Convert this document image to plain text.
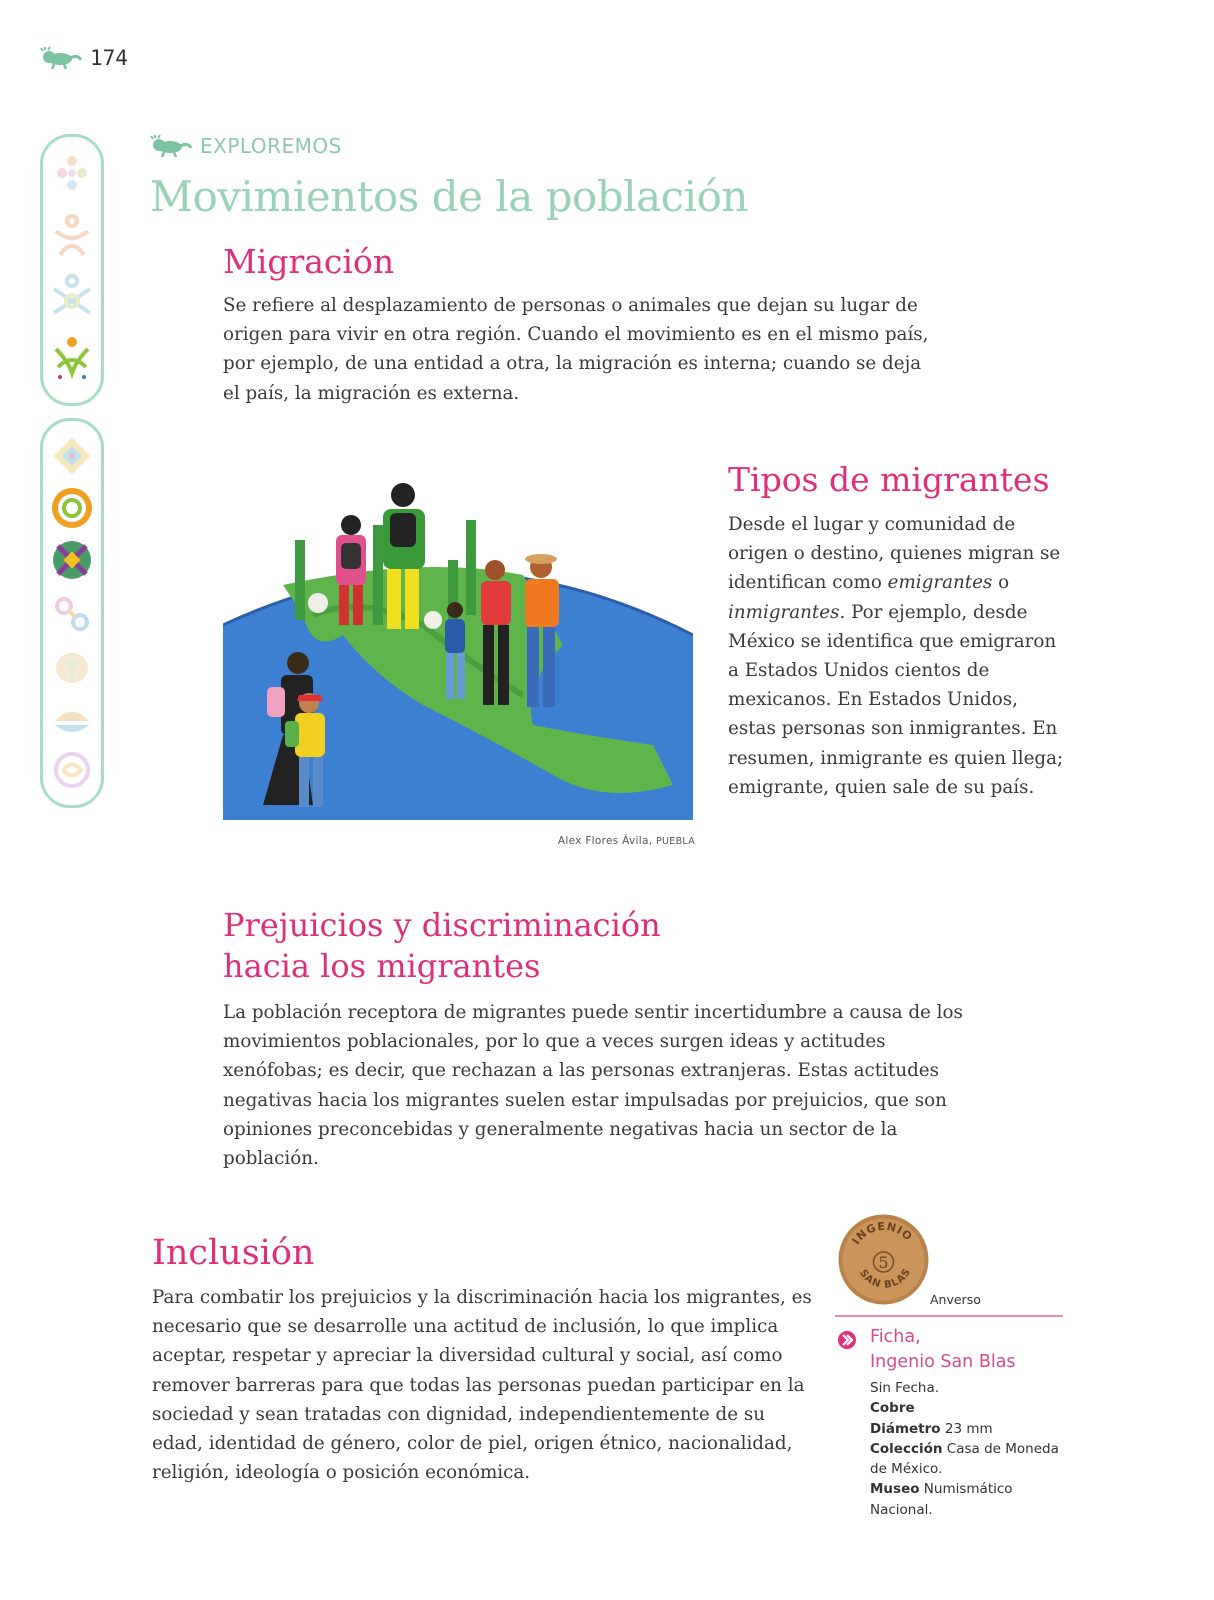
174
EXPLOREMOS
Movimientos de la población
Migración

Se refiere al desplazamiento de personas o animales que dejan su lugar de origen para vivir en otra región. Cuando el movimiento es en el mismo país, por ejemplo, de una entidad a otra, la migración es interna; cuando se deja el país, la migración es externa.

Alex Flores Ávila, PUEBLA
Tipos de migrantes

Desde el lugar y comunidad de origen o destino, quienes migran se identifican como emigrantes o inmigrantes. Por ejemplo, desde México se identifica que emigraron a Estados Unidos cientos de mexicanos. En Estados Unidos, estas personas son inmigrantes. En resumen, inmigrante es quien llega; emigrante, quien sale de su país.

Prejuicios y discriminación
hacia los migrantes

La población receptora de migrantes puede sentir incertidumbre a causa de los movimientos poblacionales, por lo que a veces surgen ideas y actitudes xenófobas; es decir, que rechazan a las personas extranjeras. Estas actitudes negativas hacia los migrantes suelen estar impulsadas por prejuicios, que son opiniones preconcebidas y generalmente negativas hacia un sector de la población.

Inclusión

Para combatir los prejuicios y la discriminación hacia los migrantes, es necesario que se desarrolle una actitud de inclusión, lo que implica aceptar, respetar y apreciar la diversidad cultural y social, así como remover barreras para que todas las personas puedan participar en la sociedad y sean tratadas con dignidad, independientemente de su edad, identidad de género, color de piel, origen étnico, nacionalidad, religión, ideología o posición económica.

5
INGENIO
SAN BLAS
Anverso
Ficha,
Ingenio San Blas
Sin Fecha.
Cobre
Diámetro 23 mm
Colección Casa de Moneda de México.
Museo Numismático Nacional.
